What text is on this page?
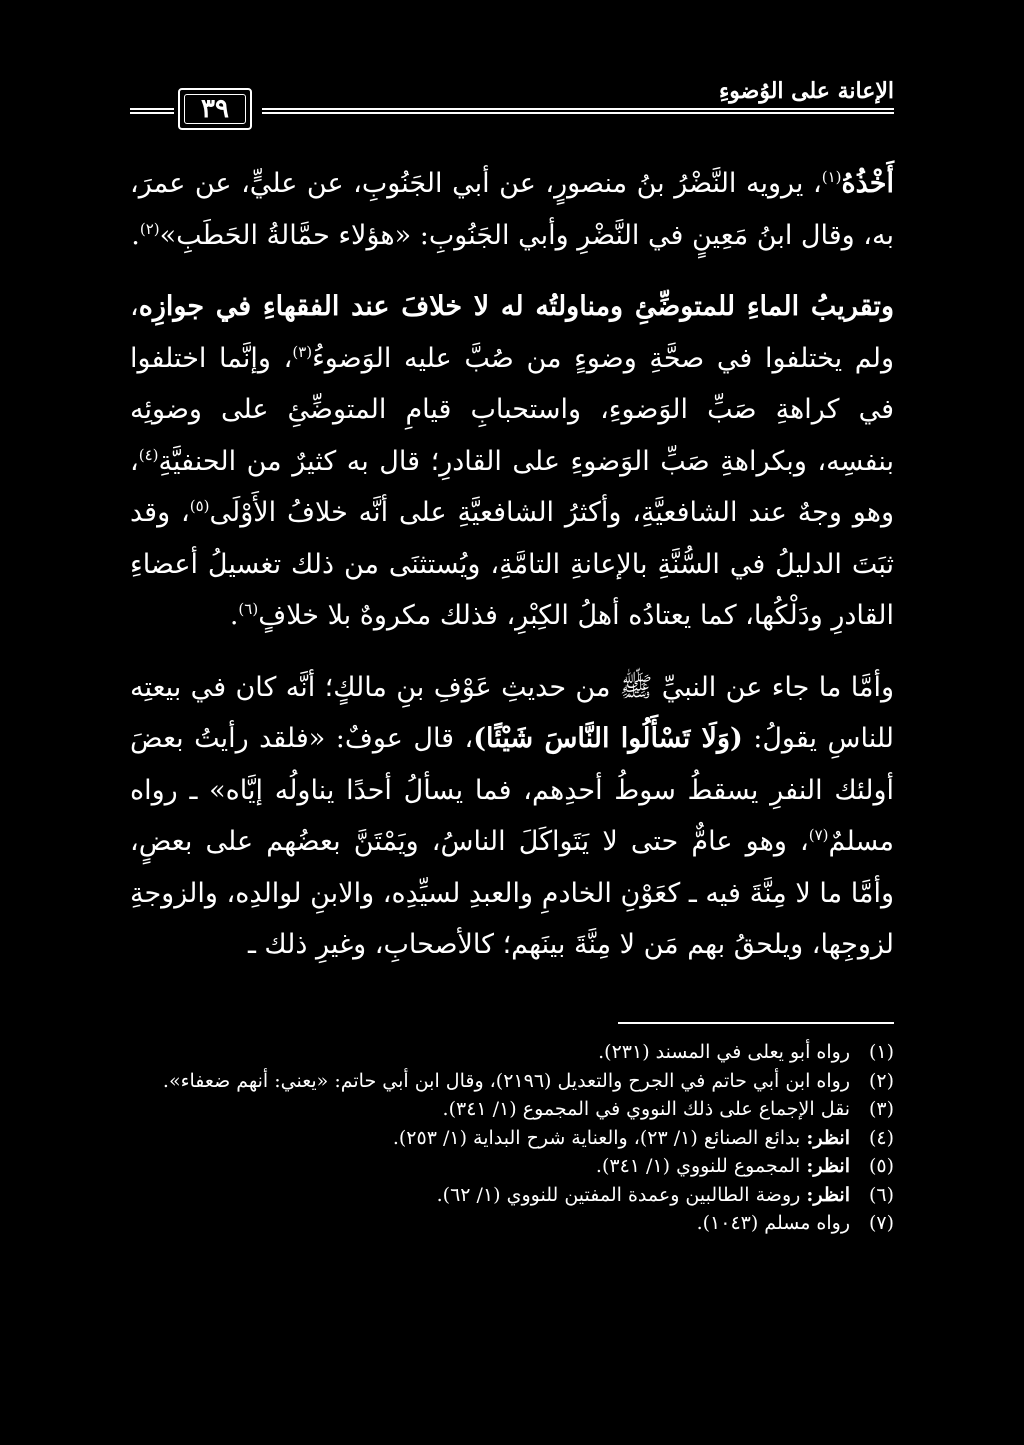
الإعانة على الوُضوءِ
٣٩

أَخْذُهُ$^{(١)}$، يرويه النَّضْرُ بنُ منصورٍ، عن أبي الجَنُوبِ، عن عليٍّ، عن عمرَ، به، وقال ابنُ مَعِينٍ في النَّضْرِ وأبي الجَنُوبِ: «هؤلاء حمَّالةُ الحَطَبِ»$^{(٢)}$.

وتقريبُ الماءِ للمتوضِّئِ ومناولتُه له لا خلافَ عند الفقهاءِ في جوازِه، ولم يختلفوا في صحَّةِ وضوءٍ من صُبَّ عليه الوَضوءُ$^{(٣)}$، وإنَّما اختلفوا في كراهةِ صَبِّ الوَضوءِ، واستحبابِ قيامِ المتوضِّئِ على وضوئِه بنفسِه، وبكراهةِ صَبِّ الوَضوءِ على القادرِ؛ قال به كثيرٌ من الحنفيَّةِ$^{(٤)}$، وهو وجهٌ عند الشافعيَّةِ، وأكثرُ الشافعيَّةِ على أنَّه خلافُ الأَوْلَى$^{(٥)}$، وقد ثبَتَ الدليلُ في السُّنَّةِ بالإعانةِ التامَّةِ، ويُستثنَى من ذلك تغسيلُ أعضاءِ القادرِ ودَلْكُها، كما يعتادُه أهلُ الكِبْرِ، فذلك مكروهٌ بلا خلافٍ$^{(٦)}$.

وأمَّا ما جاء عن النبيِّ ﷺ من حديثِ عَوْفِ بنِ مالكٍ؛ أنَّه كان في بيعتِه للناسِ يقولُ: (وَلَا تَسْأَلُوا النَّاسَ شَيْئًا)، قال عوفٌ: «فلقد رأيتُ بعضَ أولئك النفرِ يسقطُ سوطُ أحدِهم، فما يسألُ أحدًا يناولُه إيَّاه» ـ رواه مسلمٌ$^{(٧)}$، وهو عامٌّ حتى لا يَتَواكَلَ الناسُ، ويَمْتَنَّ بعضُهم على بعضٍ، وأمَّا ما لا مِنَّةَ فيه ـ كعَوْنِ الخادمِ والعبدِ لسيِّدِه، والابنِ لوالدِه، والزوجةِ لزوجِها، ويلحقُ بهم مَن لا مِنَّةَ بينَهم؛ كالأصحابِ، وغيرِ ذلك ـ

(١)
رواه أبو يعلى في المسند (٢٣١).
(٢)
رواه ابن أبي حاتم في الجرح والتعديل (٢١٩٦)، وقال ابن أبي حاتم: «يعني: أنهم ضعفاء».
(٣)
نقل الإجماع على ذلك النووي في المجموع (١/ ٣٤١).
(٤)
انظر: بدائع الصنائع (١/ ٢٣)، والعناية شرح البداية (١/ ٢٥٣).
(٥)
انظر: المجموع للنووي (١/ ٣٤١).
(٦)
انظر: روضة الطالبين وعمدة المفتين للنووي (١/ ٦٢).
(٧)
رواه مسلم (١٠٤٣).
